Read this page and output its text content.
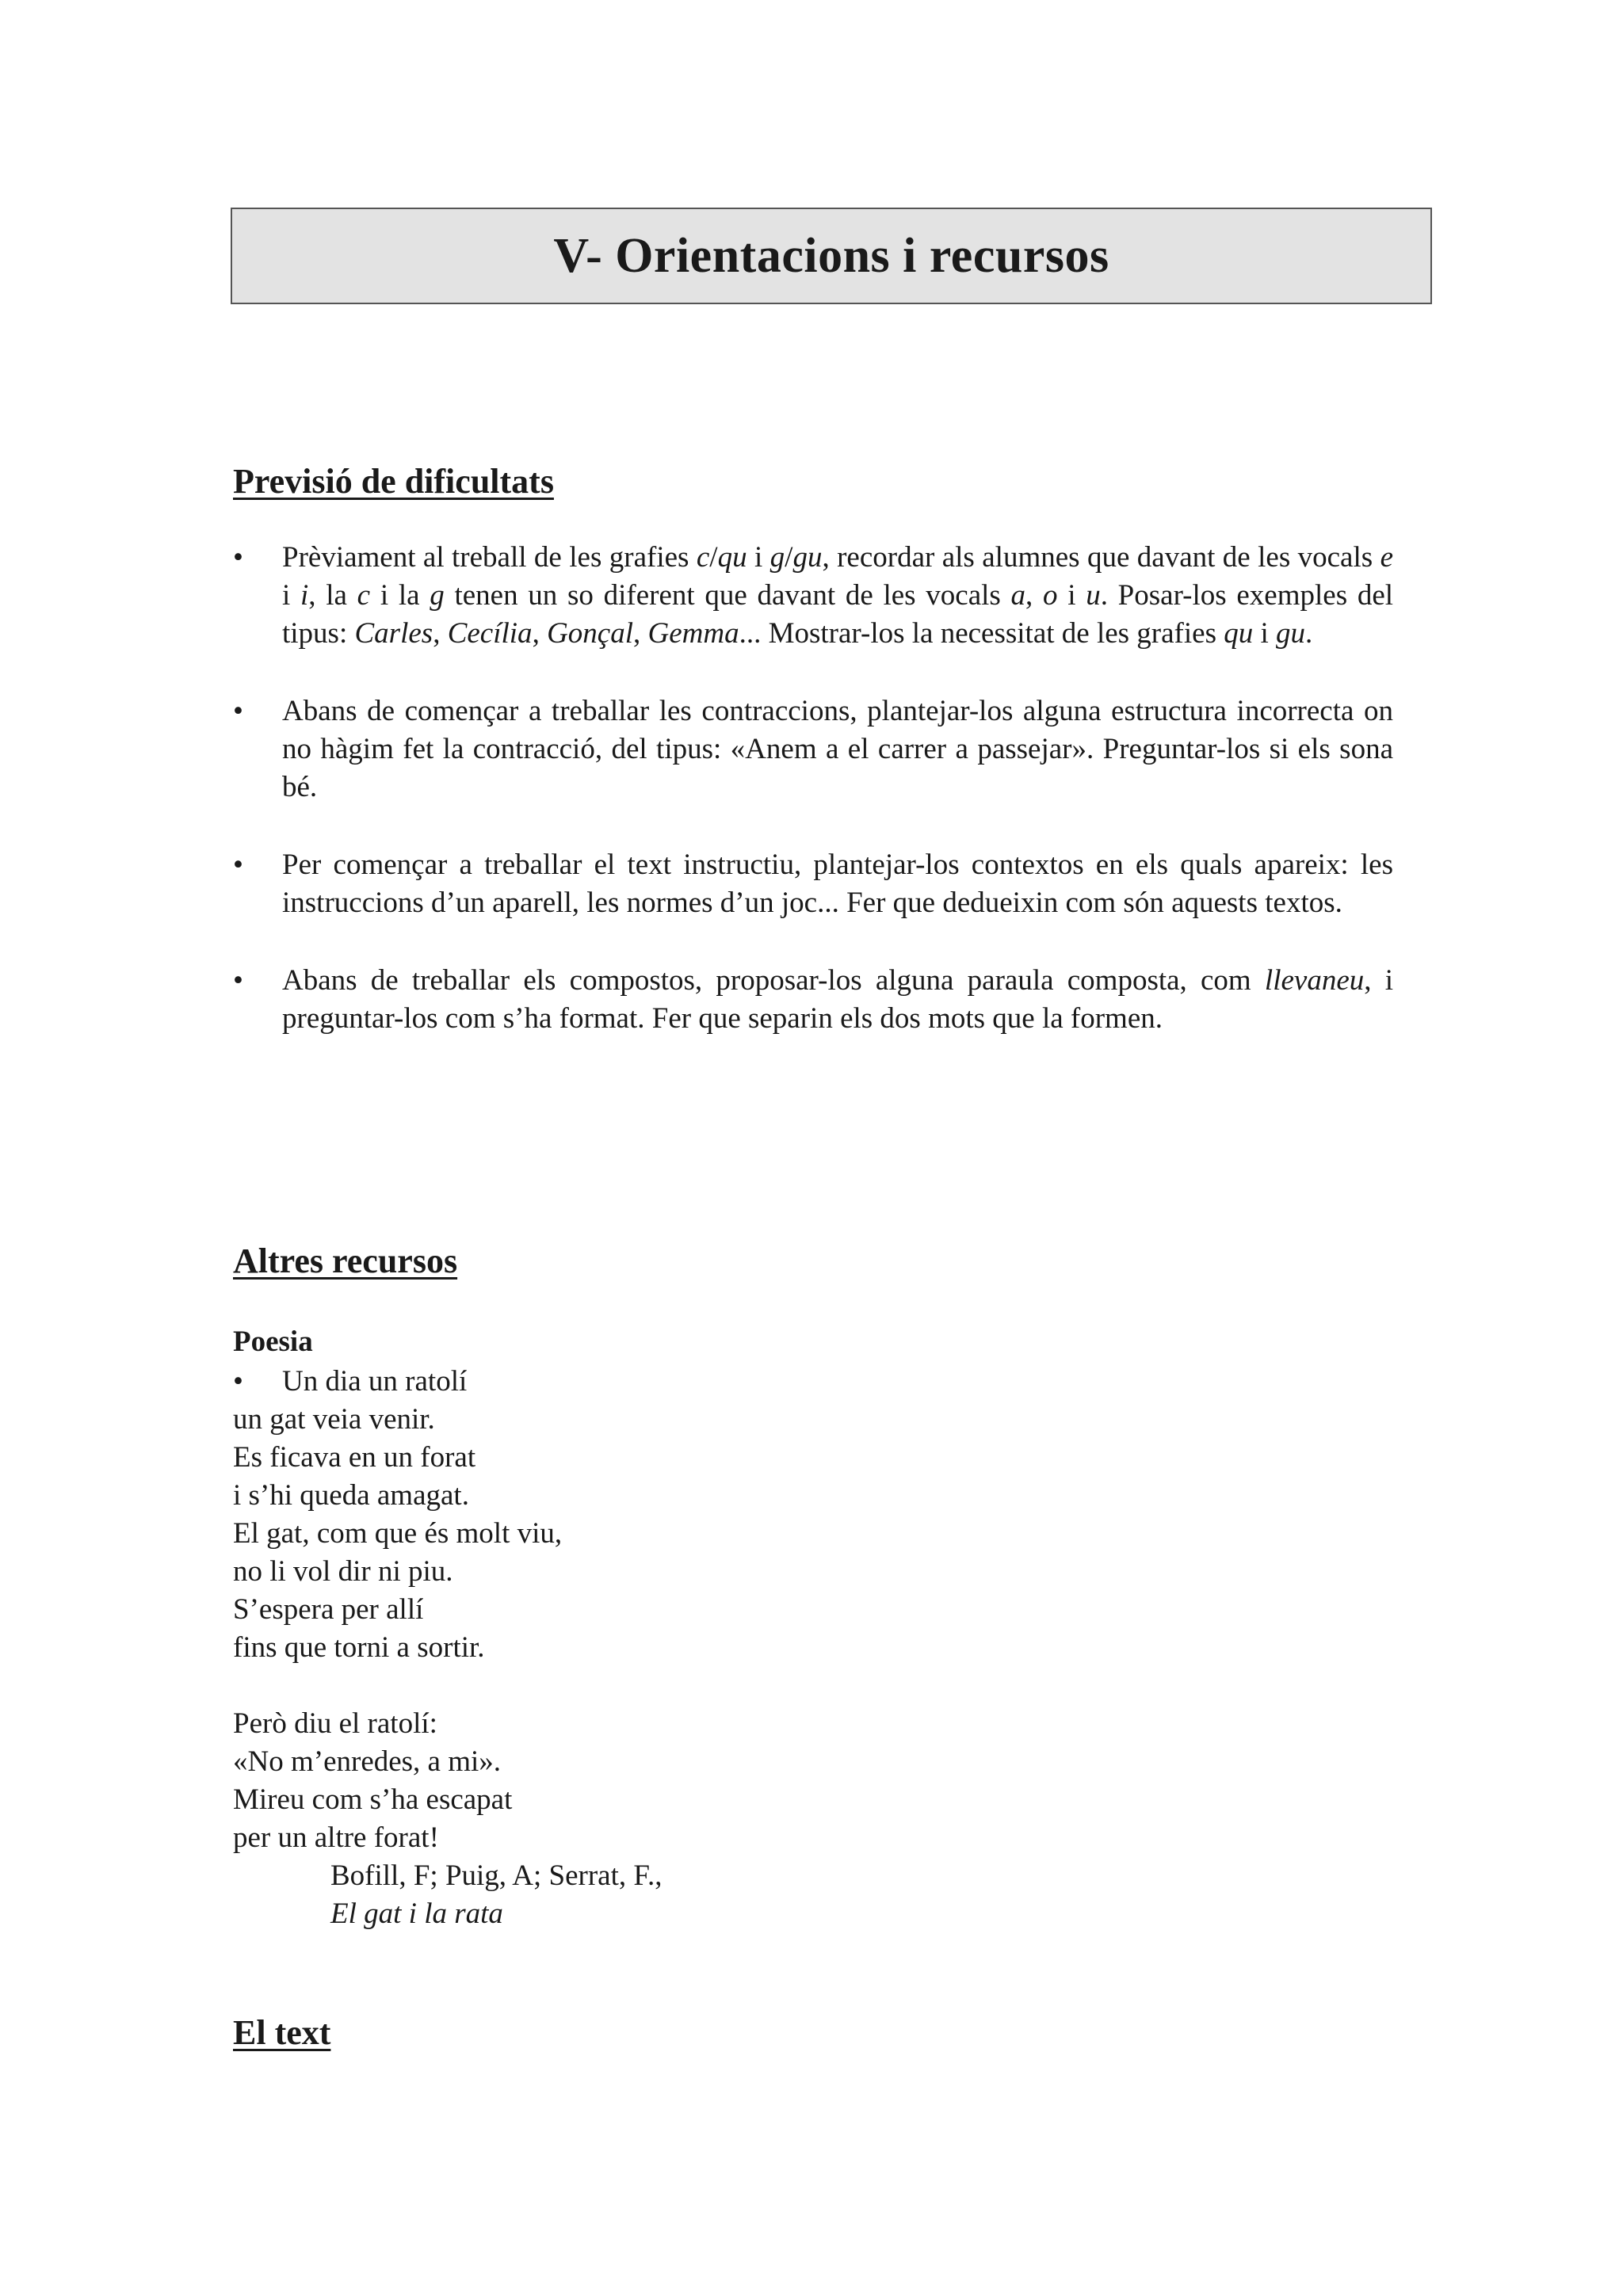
V- Orientacions i recursos
Previsió de dificultats
• Prèviament al treball de les grafies c/qu i g/gu, recordar als alumnes que davant de les vocals e i i, la c i la g tenen un so diferent que davant de les vocals a, o i u. Posar-los exemples del tipus: Carles, Cecília, Gonçal, Gemma... Mostrar-los la necessitat de les grafies qu i gu.
• Abans de començar a treballar les contraccions, plantejar-los alguna estructura incorrecta on no hàgim fet la contracció, del tipus: «Anem a el carrer a passejar». Preguntar-los si els sona bé.
• Per començar a treballar el text instructiu, plantejar-los contextos en els quals apareix: les instruccions d’un aparell, les normes d’un joc... Fer que dedueixin com són aquests textos.
• Abans de treballar els compostos, proposar-los alguna paraula composta, com llevaneu, i preguntar-los com s’ha format. Fer que separin els dos mots que la formen.
Altres recursos
Poesia
• Un dia un ratolí
un gat veia venir.
Es ficava en un forat
i s’hi queda amagat.
El gat, com que és molt viu,
no li vol dir ni piu.
S’espera per allí
fins que torni a sortir.
Però diu el ratolí:
«No m’enredes, a mi».
Mireu com s’ha escapat
per un altre forat!
Bofill, F; Puig, A; Serrat, F.,
El gat i la rata
El text
